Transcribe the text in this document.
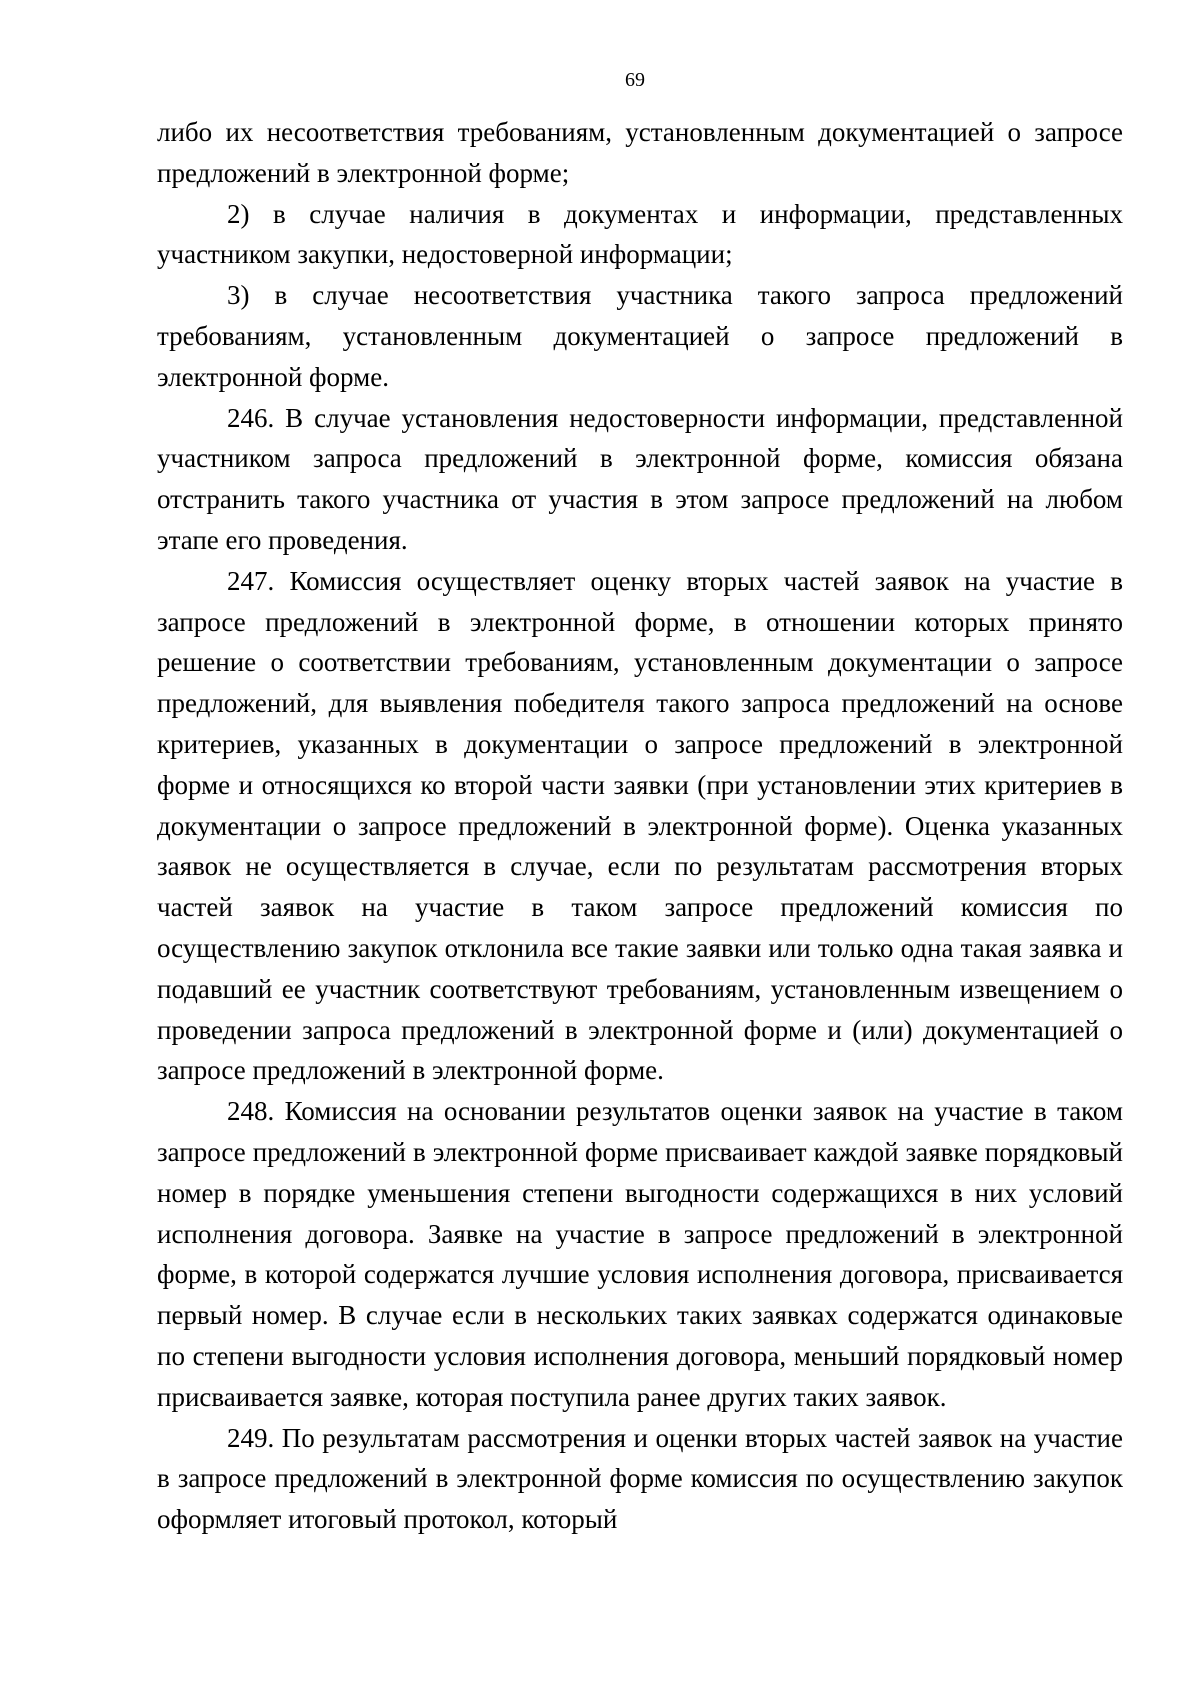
69

либо их несоответствия требованиям, установленным документацией о запросе предложений в электронной форме;

2) в случае наличия в документах и информации, представленных участником закупки, недостоверной информации;

3) в случае несоответствия участника такого запроса предложений требованиям, установленным документацией о запросе предложений в электронной форме.

246. В случае установления недостоверности информации, представленной участником запроса предложений в электронной форме, комиссия обязана отстранить такого участника от участия в этом запросе предложений на любом этапе его проведения.

247. Комиссия осуществляет оценку вторых частей заявок на участие в запросе предложений в электронной форме, в отношении которых принято решение о соответствии требованиям, установленным документации о запросе предложений, для выявления победителя такого запроса предложений на основе критериев, указанных в документации о запросе предложений в электронной форме и относящихся ко второй части заявки (при установлении этих критериев в документации о запросе предложений в электронной форме). Оценка указанных заявок не осуществляется в случае, если по результатам рассмотрения вторых частей заявок на участие в таком запросе предложений комиссия по осуществлению закупок отклонила все такие заявки или только одна такая заявка и подавший ее участник соответствуют требованиям, установленным извещением о проведении запроса предложений в электронной форме и (или) документацией о запросе предложений в электронной форме.

248. Комиссия на основании результатов оценки заявок на участие в таком запросе предложений в электронной форме присваивает каждой заявке порядковый номер в порядке уменьшения степени выгодности содержащихся в них условий исполнения договора. Заявке на участие в запросе предложений в электронной форме, в которой содержатся лучшие условия исполнения договора, присваивается первый номер. В случае если в нескольких таких заявках содержатся одинаковые по степени выгодности условия исполнения договора, меньший порядковый номер присваивается заявке, которая поступила ранее других таких заявок.

249. По результатам рассмотрения и оценки вторых частей заявок на участие в запросе предложений в электронной форме комиссия по осуществлению закупок оформляет итоговый протокол, который
